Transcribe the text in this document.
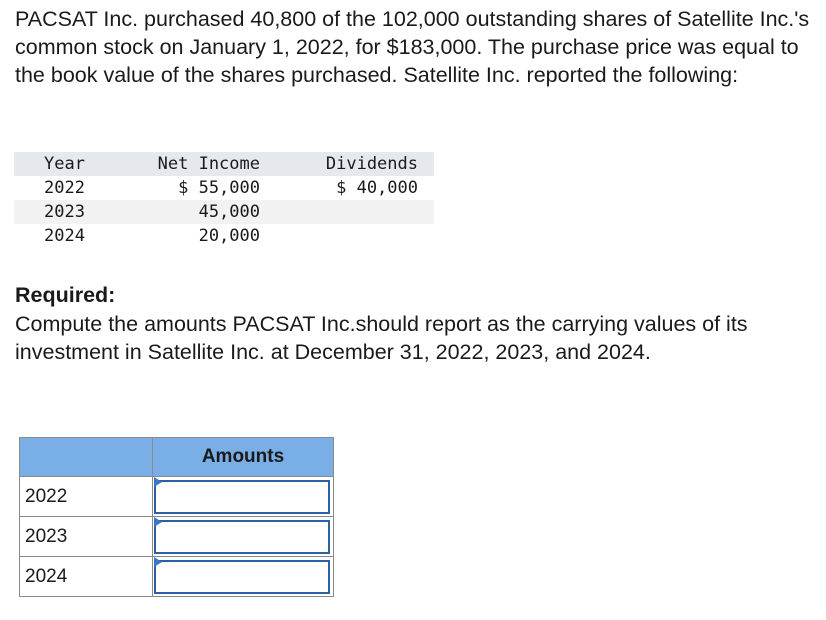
PACSAT Inc. purchased 40,800 of the 102,000 outstanding shares of Satellite Inc.'s common stock on January 1, 2022, for $183,000. The purchase price was equal to the book value of the shares purchased. Satellite Inc. reported the following:

Year	Net Income	Dividends
2022	$ 55,000	$ 40,000
2023	45,000	
2024	20,000	

Required:

Compute the amounts PACSAT Inc.should report as the carrying values of its investment in Satellite Inc. at December 31, 2022, 2023, and 2024.

	Amounts
2022	

2023	

2024	
